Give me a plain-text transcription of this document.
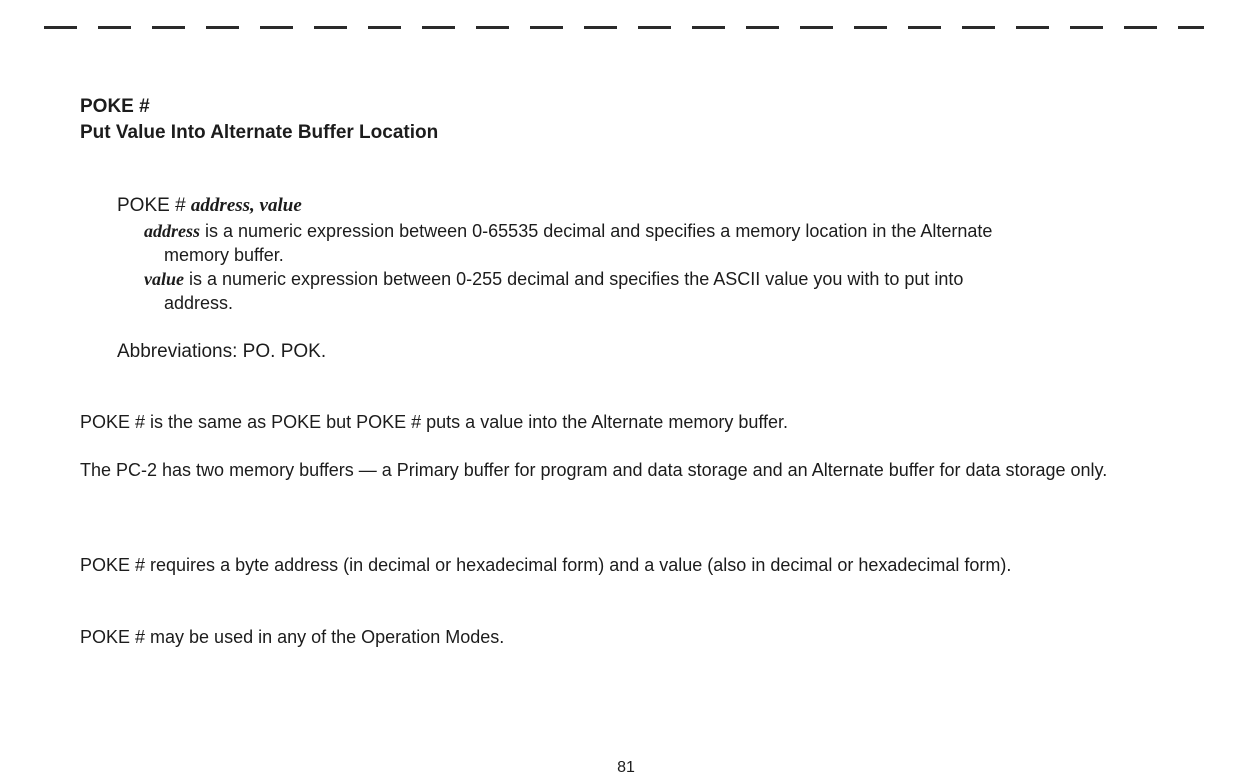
POKE #
Put Value Into Alternate Buffer Location
POKE # address, value
address is a numeric expression between 0-65535 decimal and specifies a memory location in the Alternate
memory buffer.
value is a numeric expression between 0-255 decimal and specifies the ASCII value you with to put into
address.
Abbreviations: PO. POK.

POKE # is the same as POKE but POKE # puts a value into the Alternate memory buffer.

The PC-2 has two memory buffers — a Primary buffer for program and data storage and an Alternate buffer for data storage only.

POKE # requires a byte address (in decimal or hexadecimal form) and a value (also in decimal or hexadecimal form).

POKE # may be used in any of the Operation Modes.

81
